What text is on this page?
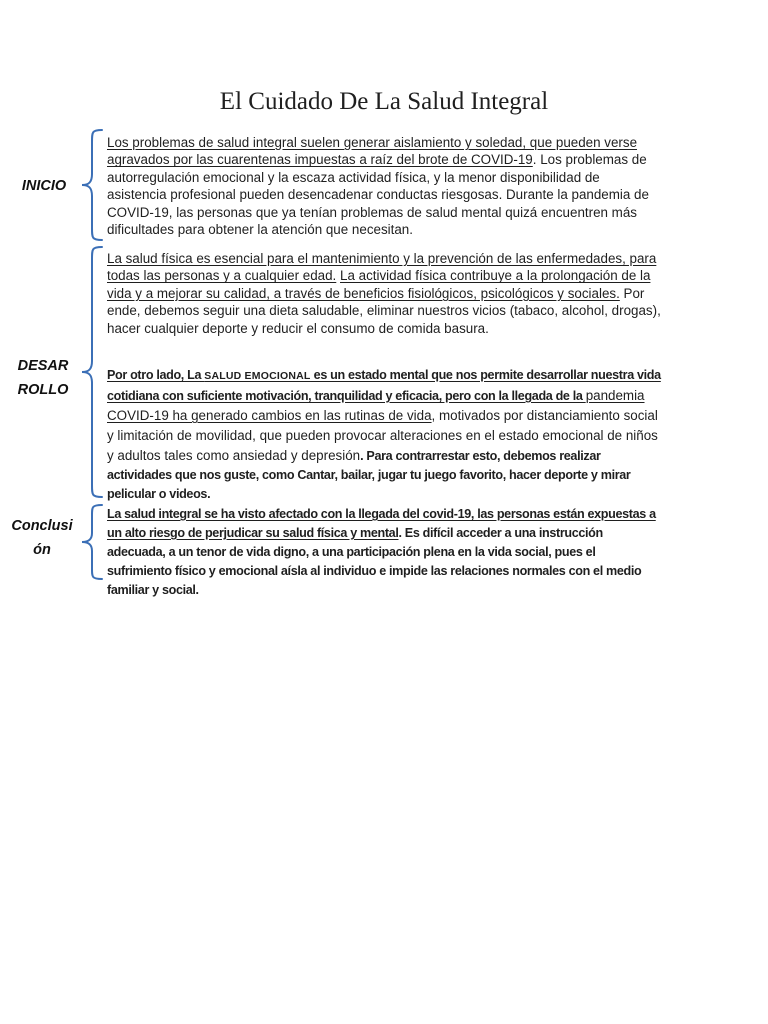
El Cuidado De La Salud Integral
INICIO

Los problemas de salud integral suelen generar aislamiento y soledad, que pueden verse agravados por las cuarentenas impuestas a raíz del brote de COVID-19. Los problemas de autorregulación emocional y la escaza actividad física, y la menor disponibilidad de asistencia profesional pueden desencadenar conductas riesgosas. Durante la pandemia de COVID-19, las personas que ya tenían problemas de salud mental quizá encuentren más dificultades para obtener la atención que necesitan.

DESAR
ROLLO

La salud física es esencial para el mantenimiento y la prevención de las enfermedades, para todas las personas y a cualquier edad. La actividad física contribuye a la prolongación de la vida y a mejorar su calidad, a través de beneficios fisiológicos, psicológicos y sociales. Por ende, debemos seguir una dieta saludable, eliminar nuestros vicios (tabaco, alcohol, drogas), hacer cualquier deporte y reducir el consumo de comida basura.

Por otro lado, La SALUD EMOCIONAL es un estado mental que nos permite desarrollar nuestra vida cotidiana con suficiente motivación, tranquilidad y eficacia, pero con la llegada de la pandemia COVID-19 ha generado cambios en las rutinas de vida, motivados por distanciamiento social y limitación de movilidad, que pueden provocar alteraciones en el estado emocional de niños y adultos tales como ansiedad y depresión. Para contrarrestar esto, debemos realizar actividades que nos guste, como Cantar, bailar, jugar tu juego favorito, hacer deporte y mirar pelicular o videos.

Conclusi
ón

La salud integral se ha visto afectado con la llegada del covid-19, las personas están expuestas a un alto riesgo de perjudicar su salud física y mental. Es difícil acceder a una instrucción adecuada, a un tenor de vida digno, a una participación plena en la vida social, pues el sufrimiento físico y emocional aísla al individuo e impide las relaciones normales con el medio familiar y social.
